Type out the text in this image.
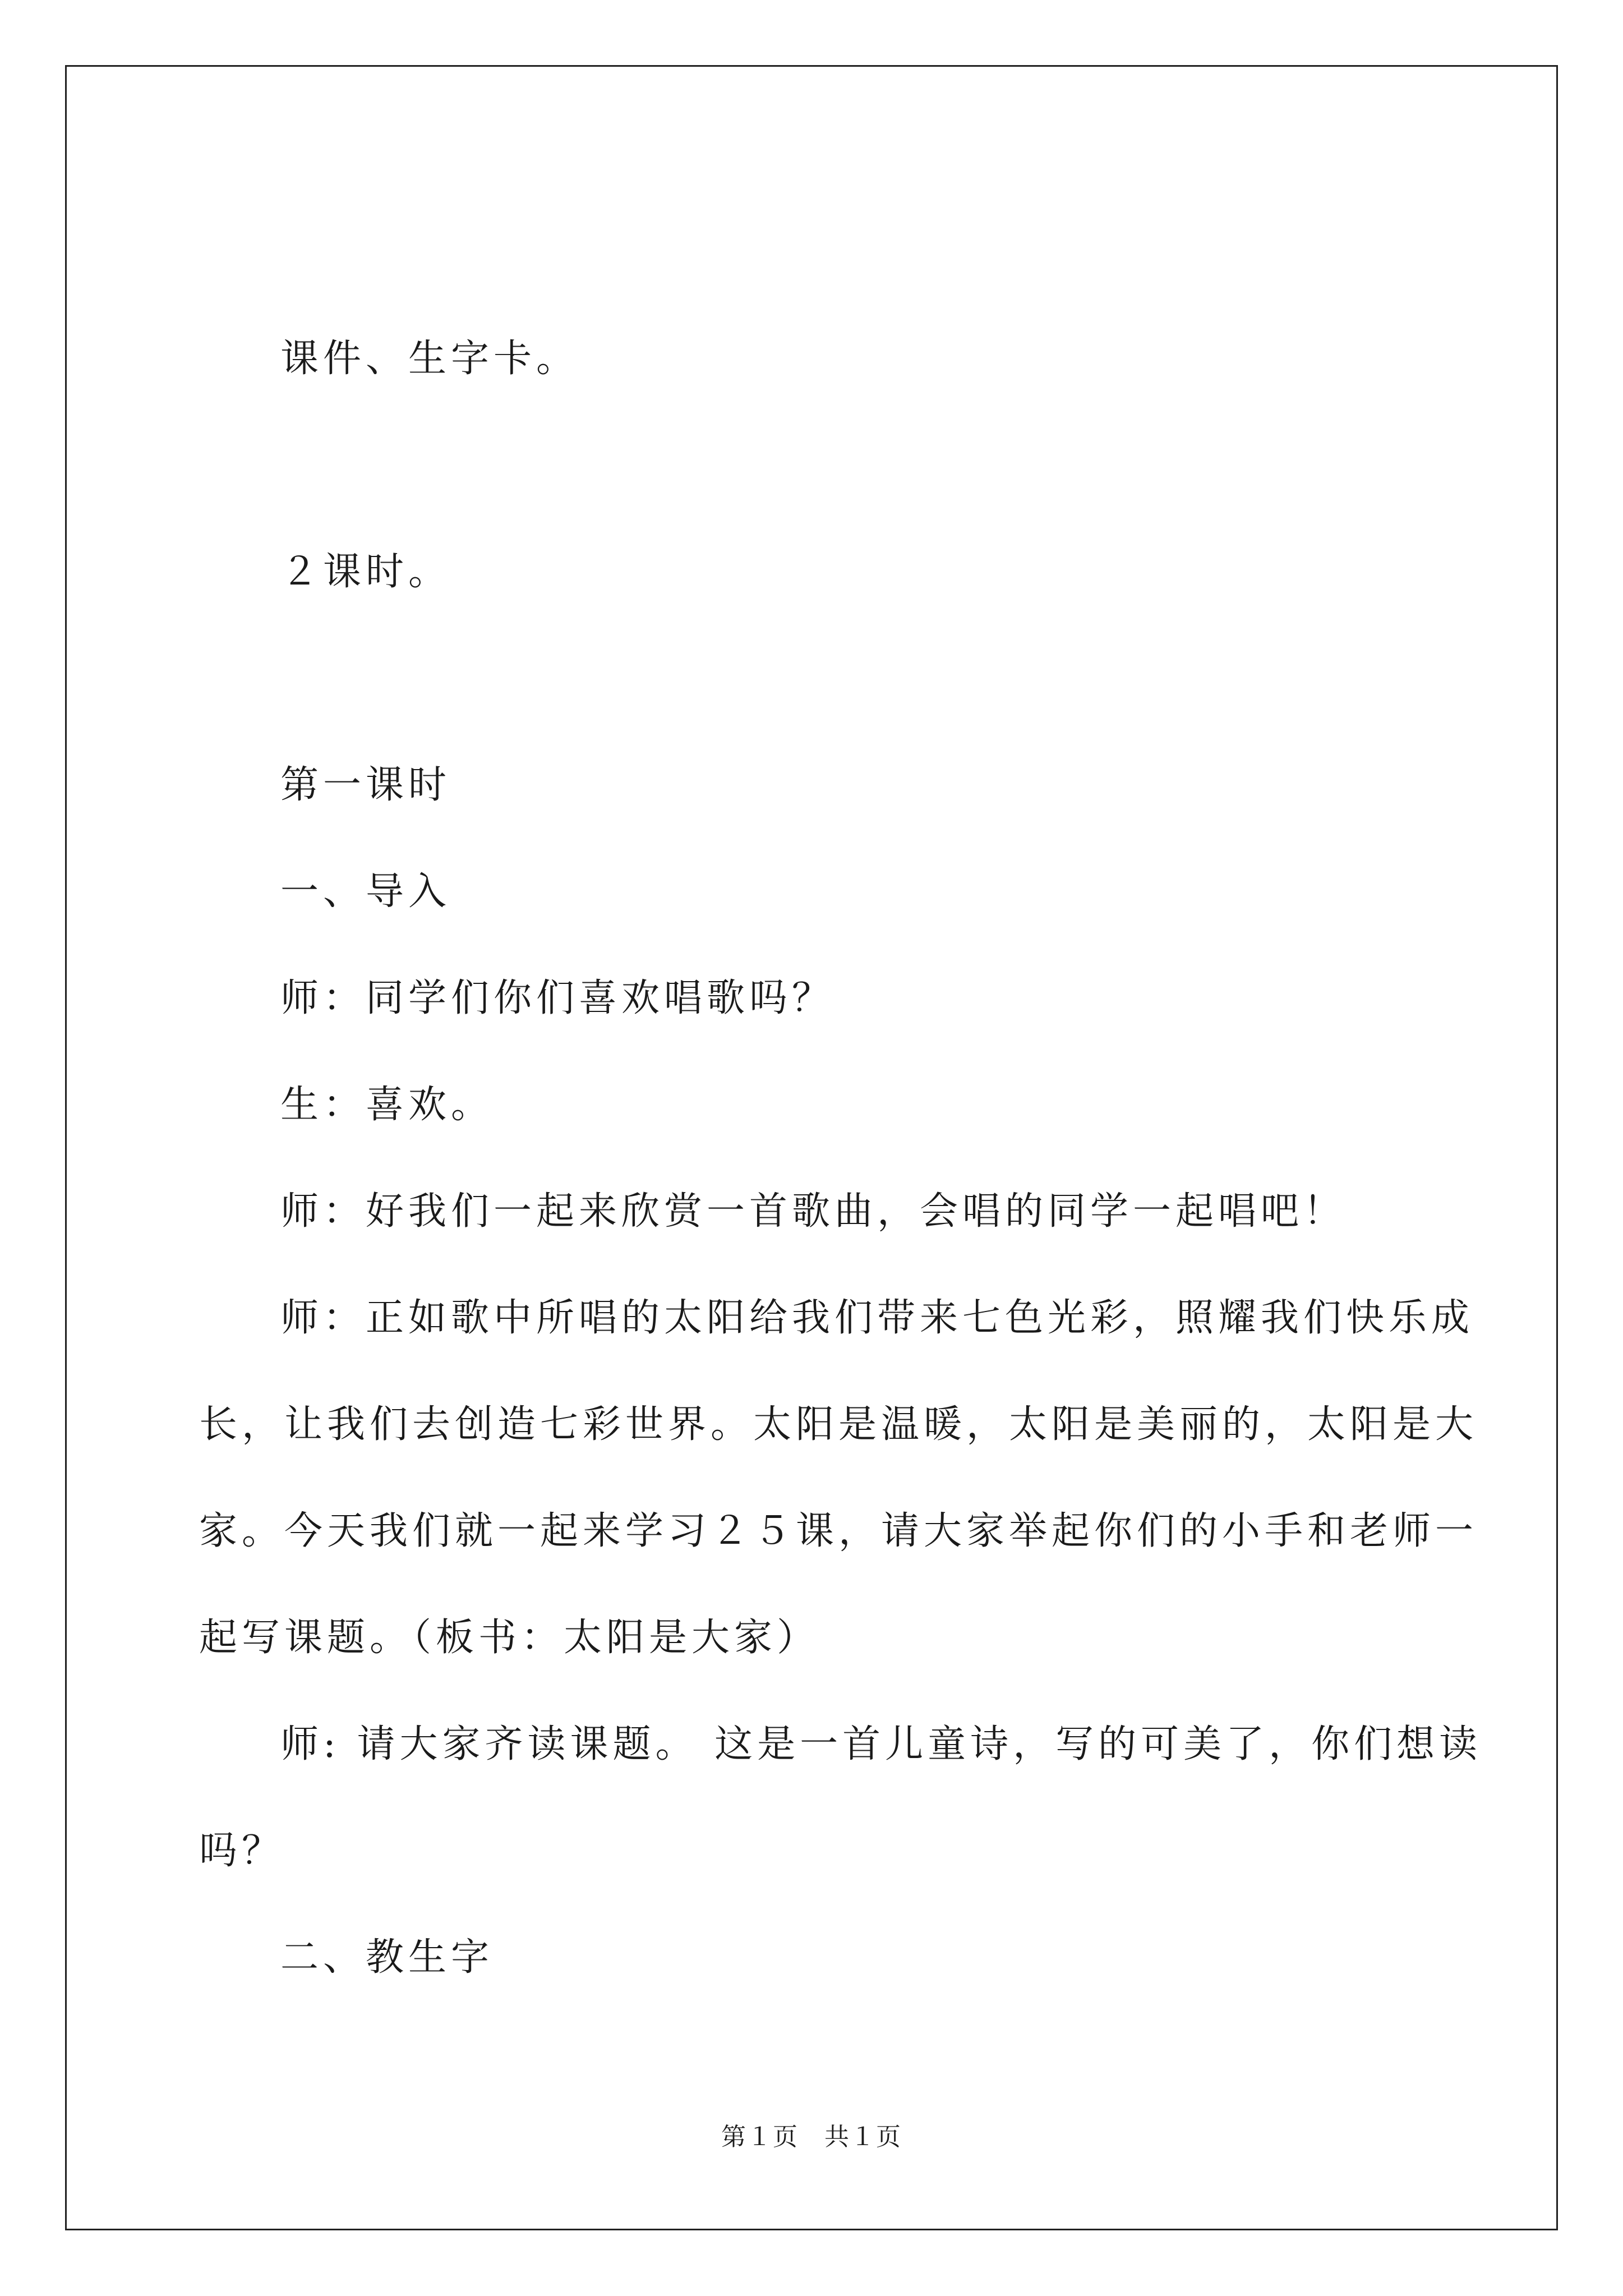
课件、生字卡。
２课时。
第一课时
一、导入
师：同学们你们喜欢唱歌吗？
生：喜欢。
师：好我们一起来欣赏一首歌曲，会唱的同学一起唱吧！
师：正如歌中所唱的太阳给我们带来七色光彩，照耀我们快乐成
长，让我们去创造七彩世界。太阳是温暖，太阳是美丽的，太阳是大
家。今天我们就一起来学习２５课，请大家举起你们的小手和老师一
起写课题。（板书：太阳是大家）
师: 请大家齐读课题。 这是一首儿童诗，写的可美了，你们想读
吗？
二、教生字
第１页　共１页
